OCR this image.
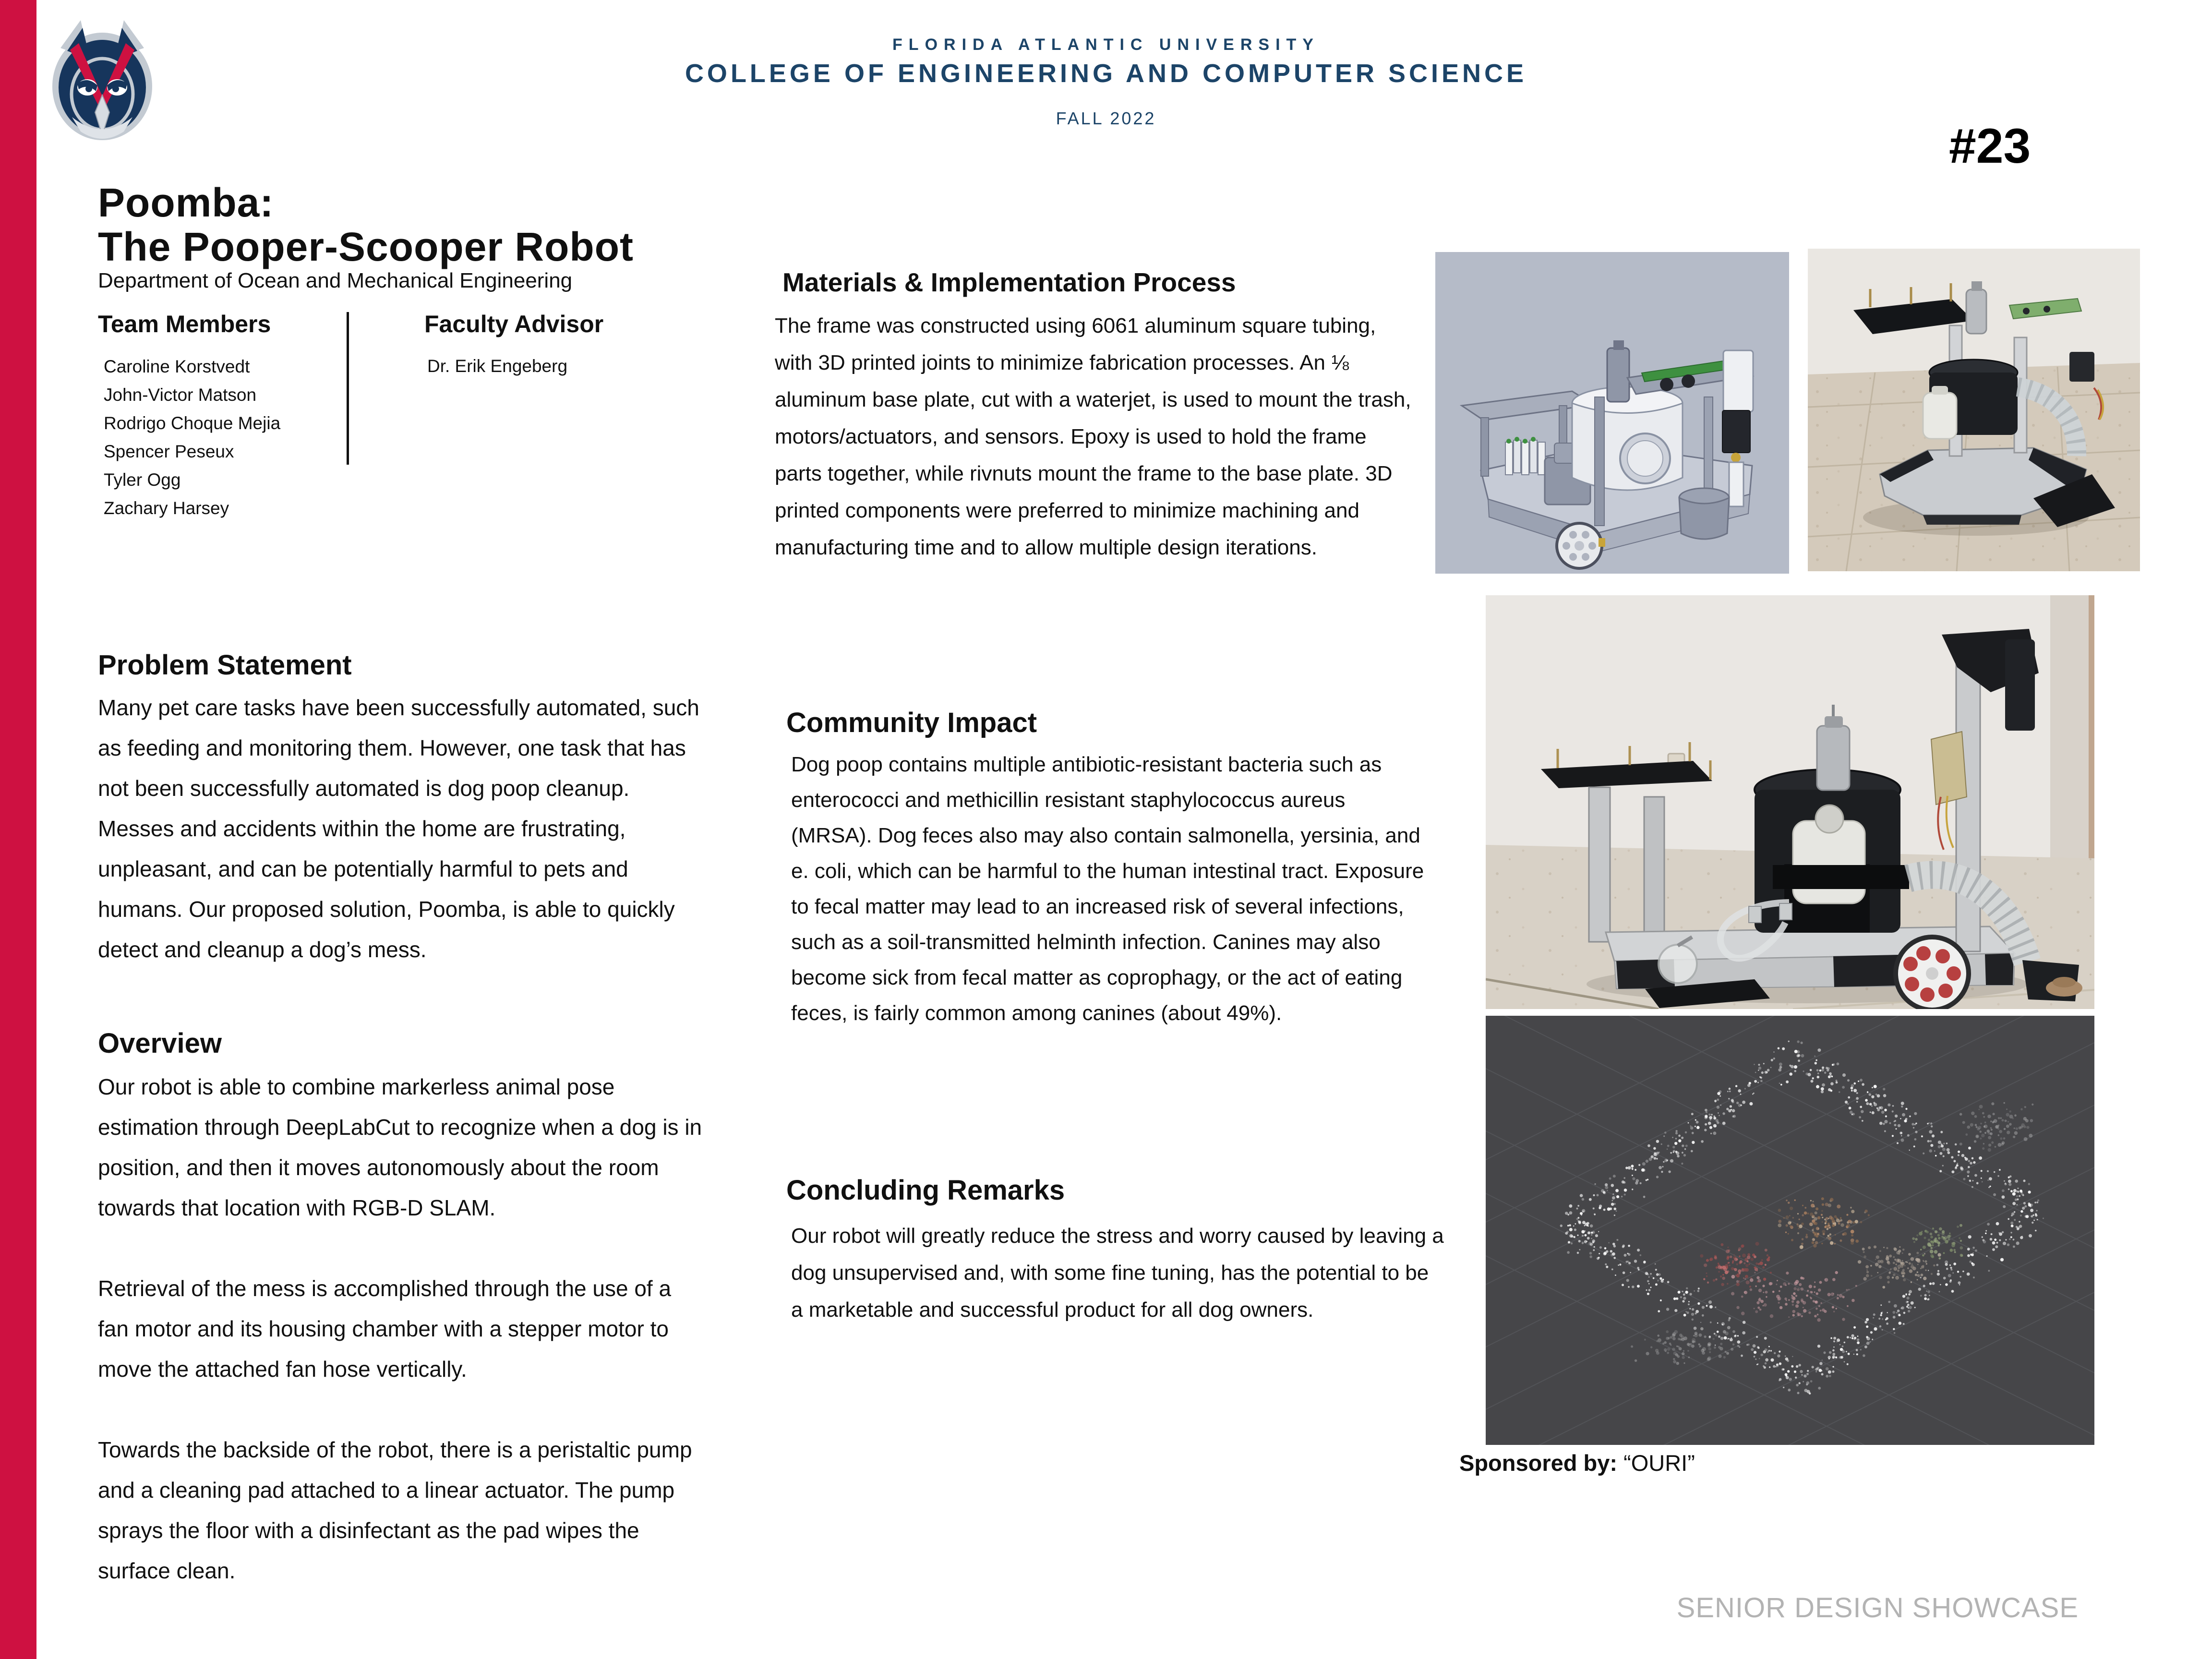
FLORIDA ATLANTIC UNIVERSITY
COLLEGE OF ENGINEERING AND COMPUTER SCIENCE
FALL 2022
#23
Poomba:
The Pooper-Scooper Robot
Department of Ocean and Mechanical Engineering
Team Members	Faculty Advisor
Caroline Korstvedt
John-Victor Matson
Rodrigo Choque Mejia
Spencer Peseux
Tyler Ogg
Zachary Harsey
Dr. Erik Engeberg
Problem Statement
Many pet care tasks have been successfully automated, such as feeding and monitoring them. However, one task that has not been successfully automated is dog poop cleanup. Messes and accidents within the home are frustrating, unpleasant, and can be potentially harmful to pets and humans. Our proposed solution, Poomba, is able to quickly detect and cleanup a dog’s mess.
Overview
Our robot is able to combine markerless animal pose estimation through DeepLabCut to recognize when a dog is in position, and then it moves autonomously about the room towards that location with RGB-D SLAM.
Retrieval of the mess is accomplished through the use of a fan motor and its housing chamber with a stepper motor to move the attached fan hose vertically.
Towards the backside of the robot, there is a peristaltic pump and a cleaning pad attached to a linear actuator. The pump sprays the floor with a disinfectant as the pad wipes the surface clean.
Materials & Implementation Process
The frame was constructed using 6061 aluminum square tubing, with 3D printed joints to minimize fabrication processes. An ⅛ aluminum base plate, cut with a waterjet, is used to mount the trash, motors/actuators, and sensors. Epoxy is used to hold the frame parts together, while rivnuts mount the frame to the base plate. 3D printed components were preferred to minimize machining and manufacturing time and to allow multiple design iterations.
Community Impact
Dog poop contains multiple antibiotic-resistant bacteria such as enterococci and methicillin resistant staphylococcus aureus (MRSA). Dog feces also may also contain salmonella, yersinia, and e. coli, which can be harmful to the human intestinal tract. Exposure to fecal matter may lead to an increased risk of several infections, such as a soil-transmitted helminth infection. Canines may also become sick from fecal matter as coprophagy, or the act of eating feces, is fairly common among canines (about 49%).
Concluding Remarks
Our robot will greatly reduce the stress and worry caused by leaving a dog unsupervised and, with some fine tuning, has the potential to be a marketable and successful product for all dog owners.
Sponsored by: “OURI”
SENIOR DESIGN SHOWCASE
